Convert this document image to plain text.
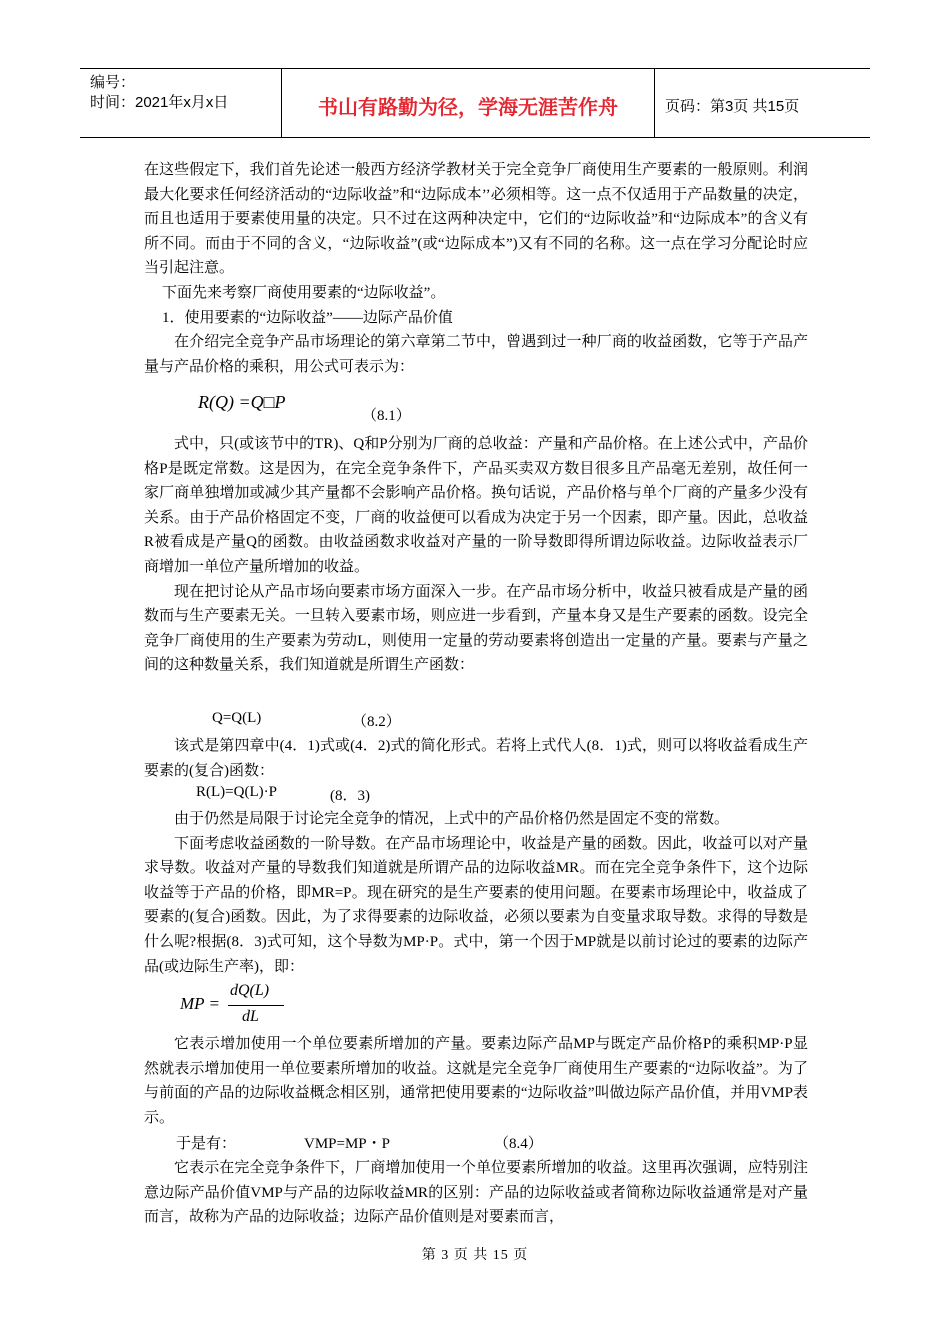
编号：
时间：2021年x月x日	书山有路勤为径，学海无涯苦作舟	页码：第3页 共15页

在这些假定下，我们首先论述一般西方经济学教材关于完全竞争厂商使用生产要素的一般原则。利润最大化要求任何经济活动的“边际收益”和“边际成本’’必须相等。这一点不仅适用于产品数量的决定，而且也适用于要素使用量的决定。只不过在这两种决定中，它们的“边际收益”和“边际成本”的含义有所不同。而由于不同的含义，“边际收益”(或“边际成本”)又有不同的名称。这一点在学习分配论时应当引起注意。

下面先来考察厂商使用要素的“边际收益”。

1．使用要素的“边际收益”——边际产品价值

在介绍完全竞争产品市场理论的第六章第二节中，曾遇到过一种厂商的收益函数，它等于产品产量与产品价格的乘积，用公式可表示为：

R(Q) =Q□P
（8.1）

式中，只(或该节中的TR)、Q和P分别为厂商的总收益：产量和产品价格。在上述公式中，产品价格P是既定常数。这是因为，在完全竞争条件下，产品买卖双方数目很多且产品毫无差别，故任何一家厂商单独增加或减少其产量都不会影响产品价格。换句话说，产品价格与单个厂商的产量多少没有关系。由于产品价格固定不变，厂商的收益便可以看成为决定于另一个因素，即产量。因此，总收益R被看成是产量Q的函数。由收益函数求收益对产量的一阶导数即得所谓边际收益。边际收益表示厂商增加一单位产量所增加的收益。

现在把讨论从产品市场向要素市场方面深入一步。在产品市场分析中，收益只被看成是产量的函数而与生产要素无关。一旦转入要素市场，则应进一步看到，产量本身又是生产要素的函数。设完全竞争厂商使用的生产要素为劳动L，则使用一定量的劳动要素将创造出一定量的产量。要素与产量之间的这种数量关系，我们知道就是所谓生产函数：

Q=Q(L)	（8.2）

该式是第四章中(4．1)式或(4．2)式的简化形式。若将上式代人(8．1)式，则可以将收益看成生产要素的(复合)函数：

R(L)=Q(L)·P	(8．3)

由于仍然是局限于讨论完全竞争的情况，上式中的产品价格仍然是固定不变的常数。

下面考虑收益函数的一阶导数。在产品市场理论中，收益是产量的函数。因此，收益可以对产量求导数。收益对产量的导数我们知道就是所谓产品的边际收益MR。而在完全竞争条件下，这个边际收益等于产品的价格，即MR=P。现在研究的是生产要素的使用问题。在要素市场理论中，收益成了要素的(复合)函数。因此，为了求得要素的边际收益，必须以要素为自变量求取导数。求得的导数是什么呢?根据(8．3)式可知，这个导数为MP·P。式中，第一个因于MP就是以前讨论过的要素的边际产品(或边际生产率)，即：

MP =
dQ(L)
dL

它表示增加使用一个单位要素所增加的产量。要素边际产品MP与既定产品价格P的乘积MP·P显然就表示增加使用一单位要素所增加的收益。这就是完全竞争厂商使用生产要素的“边际收益”。为了与前面的产品的边际收益概念相区别，通常把使用要素的“边际收益”叫做边际产品价值，并用VMP表示。

于是有：	VMP=MP・P	（8.4）

它表示在完全竞争条件下，厂商增加使用一个单位要素所增加的收益。这里再次强调，应特别注意边际产品价值VMP与产品的边际收益MR的区别：产品的边际收益或者简称边际收益通常是对产量而言，故称为产品的边际收益；边际产品价值则是对要素而言，

第 3 页 共 15 页
